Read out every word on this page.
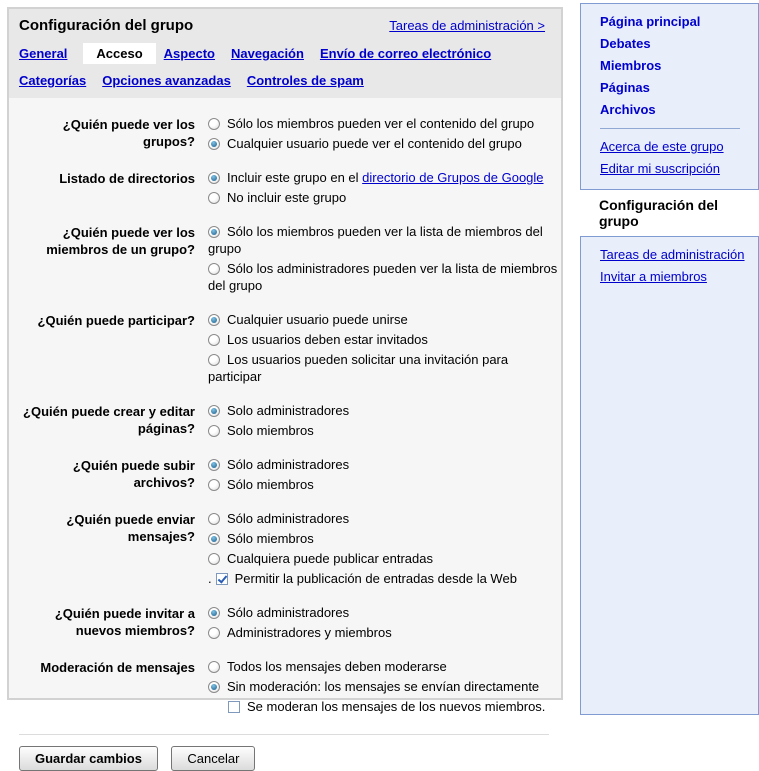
Configuración del grupo	Tareas de administración >
General	Acceso	Aspecto Navegación Envío de correo electrónico
Categorías Opciones avanzadas Controles de spam
¿Quién puede ver los grupos?
Sólo los miembros pueden ver el contenido del grupo
Cualquier usuario puede ver el contenido del grupo
Listado de directorios	Incluir este grupo en el directorio de Grupos de Google
No incluir este grupo
¿Quién puede ver los miembros de un grupo?
Sólo los miembros pueden ver la lista de miembros del grupo
Sólo los administradores pueden ver la lista de miembros del grupo
¿Quién puede participar?	Cualquier usuario puede unirse
Los usuarios deben estar invitados
Los usuarios pueden solicitar una invitación para participar
¿Quién puede crear y editar páginas?
Solo administradores
Solo miembros
¿Quién puede subir archivos?
Sólo administradores
Sólo miembros
¿Quién puede enviar mensajes?
Sólo administradores
Sólo miembros
Cualquiera puede publicar entradas
. Permitir la publicación de entradas desde la Web
¿Quién puede invitar a nuevos miembros?
Sólo administradores
Administradores y miembros
Moderación de mensajes	Todos los mensajes deben moderarse
Sin moderación: los mensajes se envían directamente
Se moderan los mensajes de los nuevos miembros.
Guardar cambios	Cancelar
Página principal
Debates
Miembros
Páginas
Archivos
Acerca de este grupo
Editar mi suscripción
Configuración del grupo
Tareas de administración
Invitar a miembros
